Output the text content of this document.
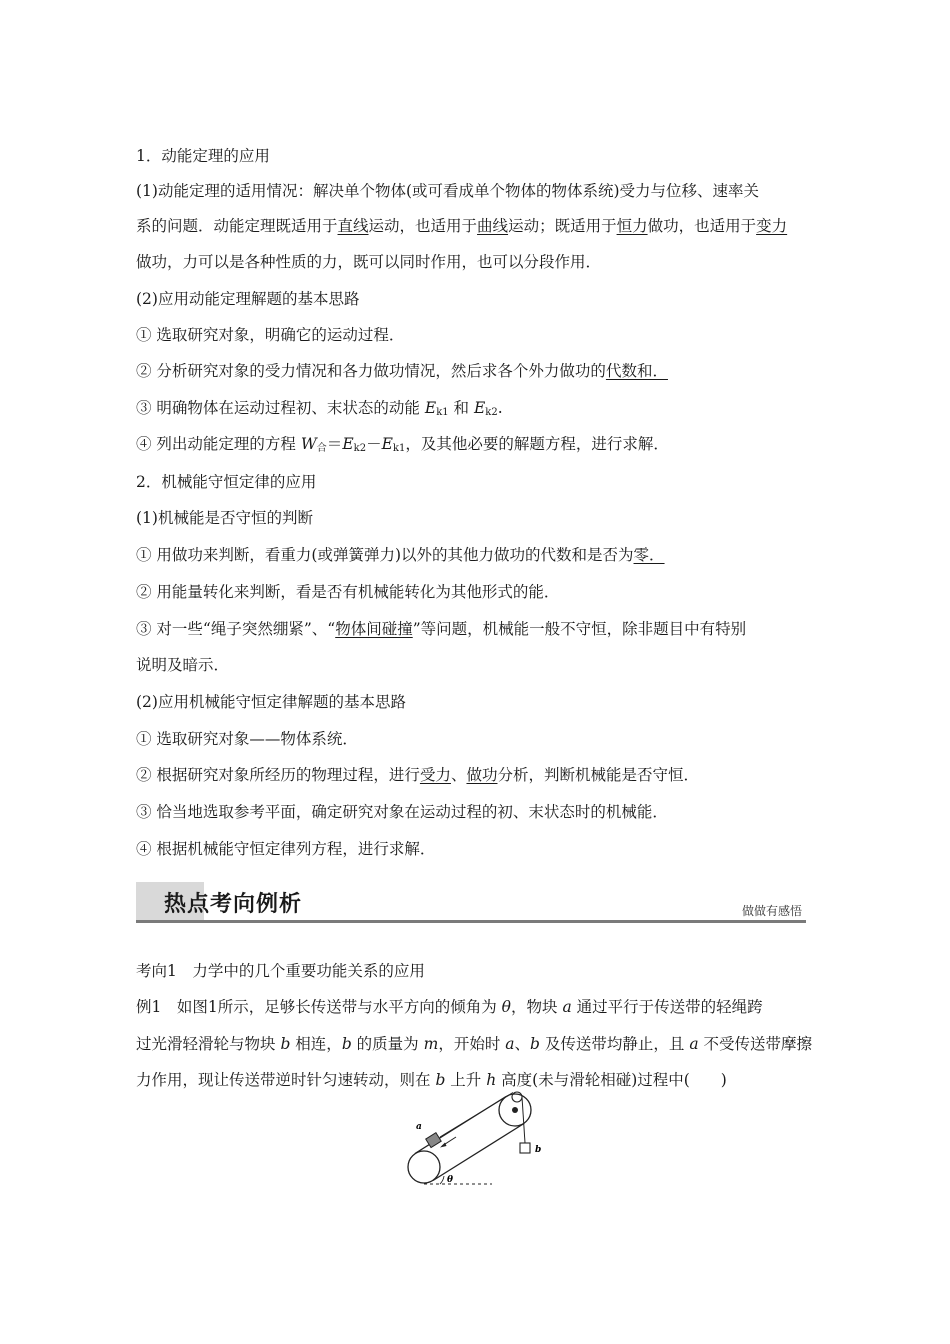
1．动能定理的应用
(1)动能定理的适用情况：解决单个物体(或可看成单个物体的物体系统)受力与位移、速率关
系的问题．动能定理既适用于直线运动，也适用于曲线运动；既适用于恒力做功，也适用于变力
做功，力可以是各种性质的力，既可以同时作用，也可以分段作用．
(2)应用动能定理解题的基本思路
① 选取研究对象，明确它的运动过程．
② 分析研究对象的受力情况和各力做功情况，然后求各个外力做功的代数和．
③ 明确物体在运动过程初、末状态的动能 $E_{k1}$ 和 $E_{k2}$.
④ 列出动能定理的方程 $W_合=E_{k2}-E_{k1}$，及其他必要的解题方程，进行求解．
2．机械能守恒定律的应用
(1)机械能是否守恒的判断
① 用做功来判断，看重力(或弹簧弹力)以外的其他力做功的代数和是否为零．
② 用能量转化来判断，看是否有机械能转化为其他形式的能．
③ 对一些“绳子突然绷紧”、“物体间碰撞”等问题，机械能一般不守恒，除非题目中有特别
说明及暗示．
(2)应用机械能守恒定律解题的基本思路
① 选取研究对象——物体系统．
② 根据研究对象所经历的物理过程，进行受力、做功分析，判断机械能是否守恒．
③ 恰当地选取参考平面，确定研究对象在运动过程的初、末状态时的机械能．
④ 根据机械能守恒定律列方程，进行求解．
热点考向例析	做做有感悟
考向1　力学中的几个重要功能关系的应用
例1　如图1所示，足够长传送带与水平方向的倾角为 θ，物块 a 通过平行于传送带的轻绳跨
过光滑轻滑轮与物块 b 相连，b 的质量为 m，开始时 a、b 及传送带均静止，且 a 不受传送带摩擦
力作用，现让传送带逆时针匀速转动，则在 b 上升 h 高度(未与滑轮相碰)过程中(　　)
a
b
θ
